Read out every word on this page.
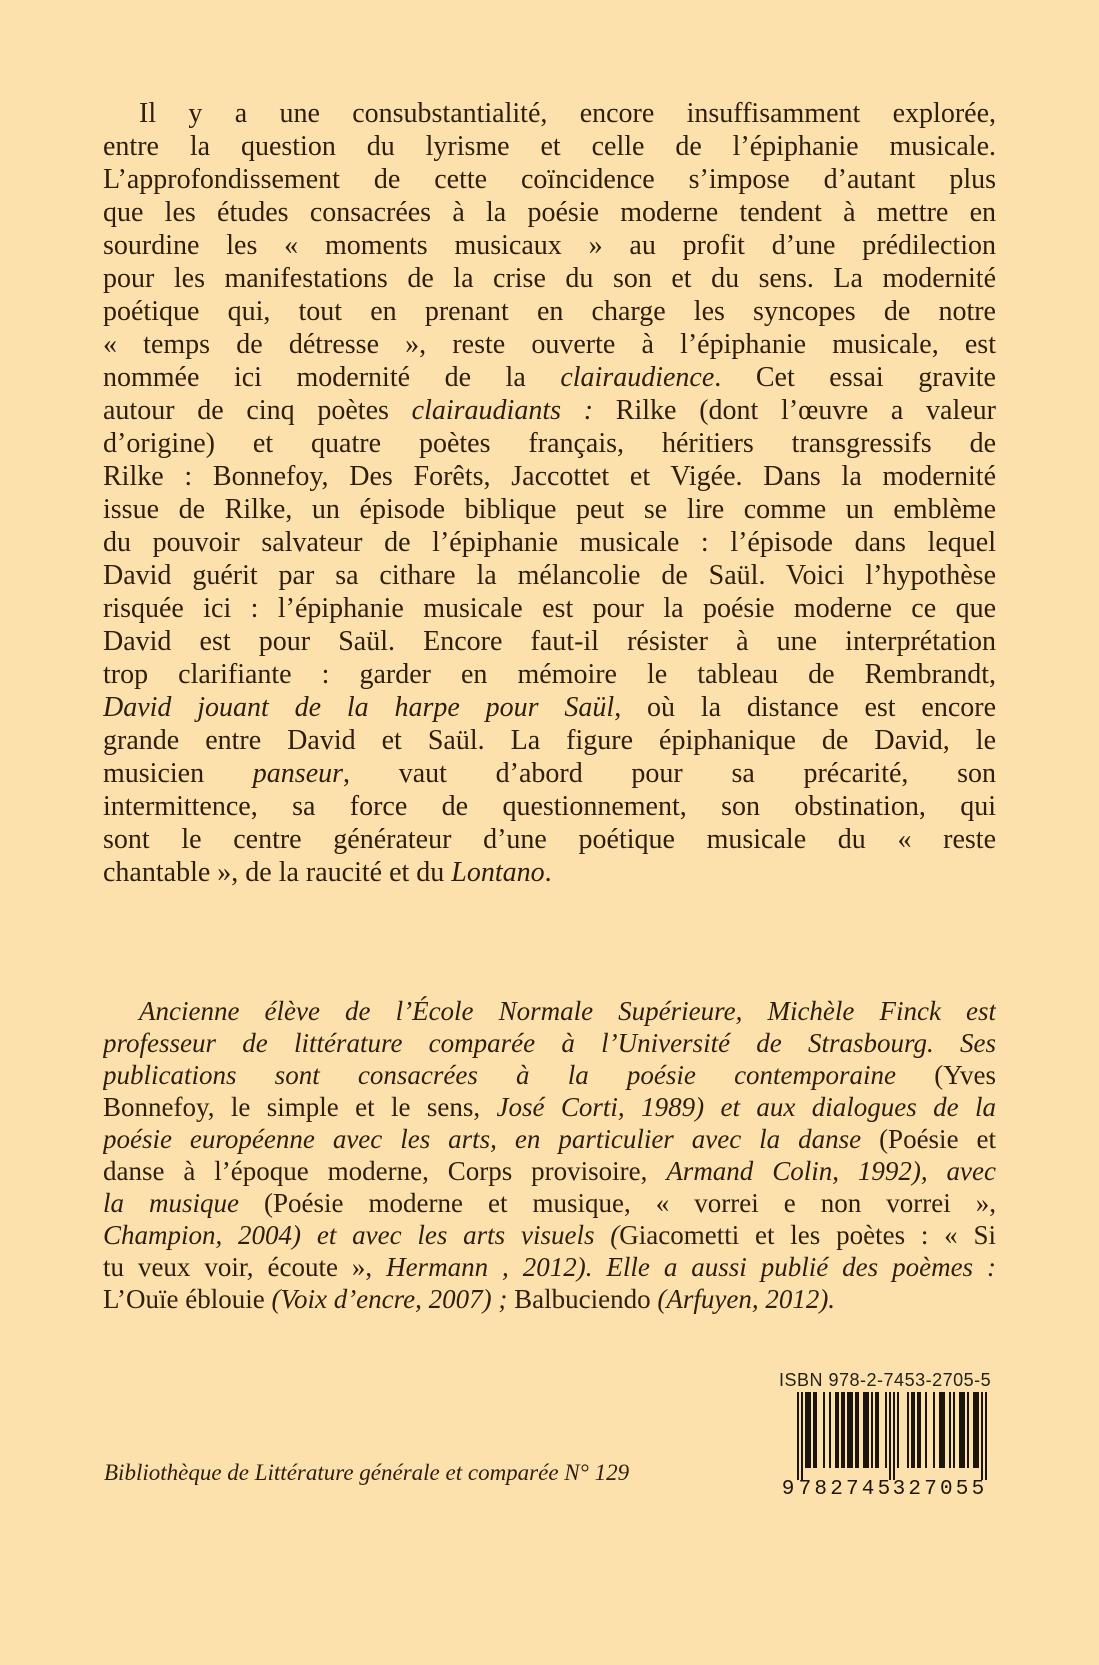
Il y a une consubstantialité, encore insuffisamment explorée,
entre la question du lyrisme et celle de l’épiphanie musicale.
L’approfondissement de cette coïncidence s’impose d’autant plus
que les études consacrées à la poésie moderne tendent à mettre en
sourdine les « moments musicaux » au profit d’une prédilection
pour les manifestations de la crise du son et du sens. La modernité
poétique qui, tout en prenant en charge les syncopes de notre
« temps de détresse », reste ouverte à l’épiphanie musicale, est
nommée ici modernité de la clairaudience. Cet essai gravite
autour de cinq poètes clairaudiants : Rilke (dont l’œuvre a valeur
d’origine) et quatre poètes français, héritiers transgressifs de
Rilke : Bonnefoy, Des Forêts, Jaccottet et Vigée. Dans la modernité
issue de Rilke, un épisode biblique peut se lire comme un emblème
du pouvoir salvateur de l’épiphanie musicale : l’épisode dans lequel
David guérit par sa cithare la mélancolie de Saül. Voici l’hypothèse
risquée ici : l’épiphanie musicale est pour la poésie moderne ce que
David est pour Saül. Encore faut-il résister à une interprétation
trop clarifiante : garder en mémoire le tableau de Rembrandt,
David jouant de la harpe pour Saül, où la distance est encore
grande entre David et Saül. La figure épiphanique de David, le
musicien panseur, vaut d’abord pour sa précarité, son
intermittence, sa force de questionnement, son obstination, qui
sont le centre générateur d’une poétique musicale du « reste
chantable », de la raucité et du Lontano.
Ancienne élève de l’École Normale Supérieure, Michèle Finck est
professeur de littérature comparée à l’Université de Strasbourg. Ses
publications sont consacrées à la poésie contemporaine (Yves
Bonnefoy, le simple et le sens, José Corti, 1989) et aux dialogues de la
poésie européenne avec les arts, en particulier avec la danse (Poésie et
danse à l’époque moderne, Corps provisoire, Armand Colin, 1992), avec
la musique (Poésie moderne et musique, « vorrei e non vorrei »,
Champion, 2004) et avec les arts visuels (Giacometti et les poètes : « Si
tu veux voir, écoute », Hermann , 2012). Elle a aussi publié des poèmes :
L’Ouïe éblouie (Voix d’encre, 2007) ; Balbuciendo (Arfuyen, 2012).
Bibliothèque de Littérature générale et comparée N° 129
ISBN 978-2-7453-2705-5
9 782745 327055
